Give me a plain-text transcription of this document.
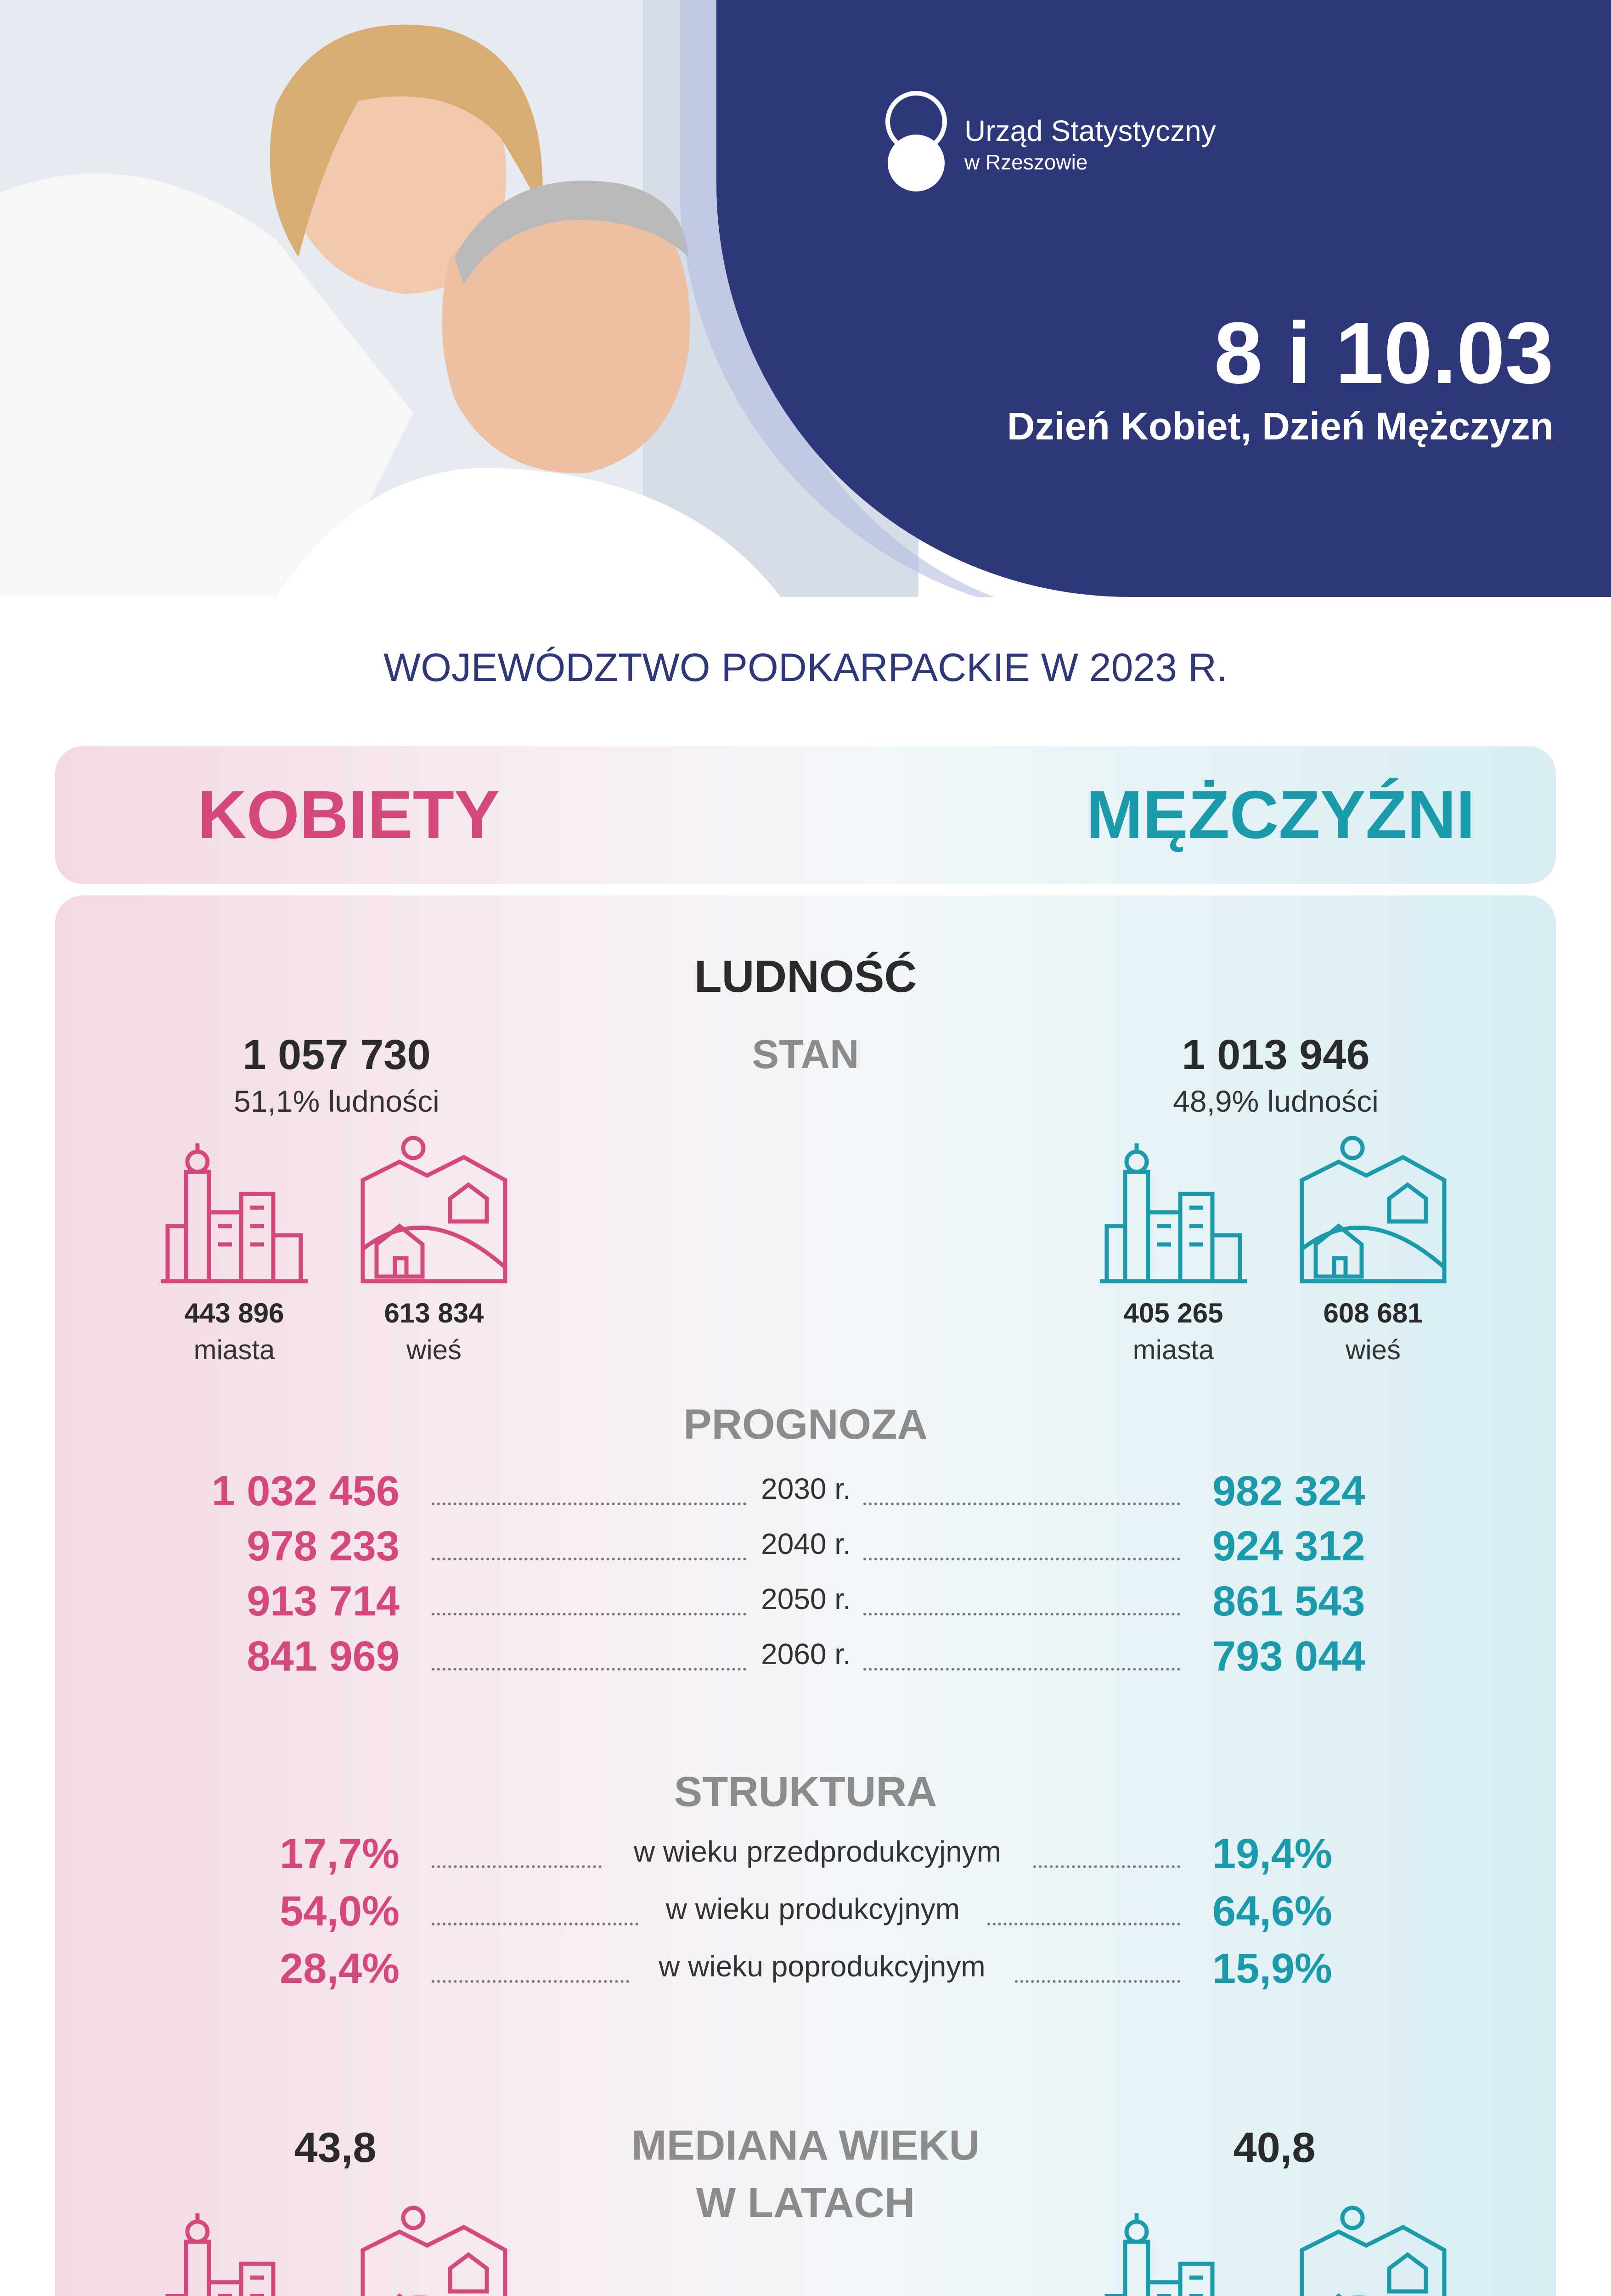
Urząd Statystyczny
w Rzeszowie
8 i 10.03
Dzień Kobiet, Dzień Mężczyzn
WOJEWÓDZTWO PODKARPACKIE W 2023 R.
KOBIETY	MĘŻCZYŹNI
LUDNOŚĆ
STAN
1 057 730
51,1% ludności
1 013 946
48,9% ludności
443 896
miasta
613 834
wieś
405 265
miasta
608 681
wieś
PROGNOZA
1 032 456	2030 r.	982 324
978 233	2040 r.	924 312
913 714	2050 r.	861 543
841 969	2060 r.	793 044
STRUKTURA
17,7%	w wieku przedprodukcyjnym	19,4%
54,0%	w wieku produkcyjnym	64,6%
28,4%	w wieku poprodukcyjnym	15,9%
MEDIANA WIEKU
W LATACH
43,8	40,8
